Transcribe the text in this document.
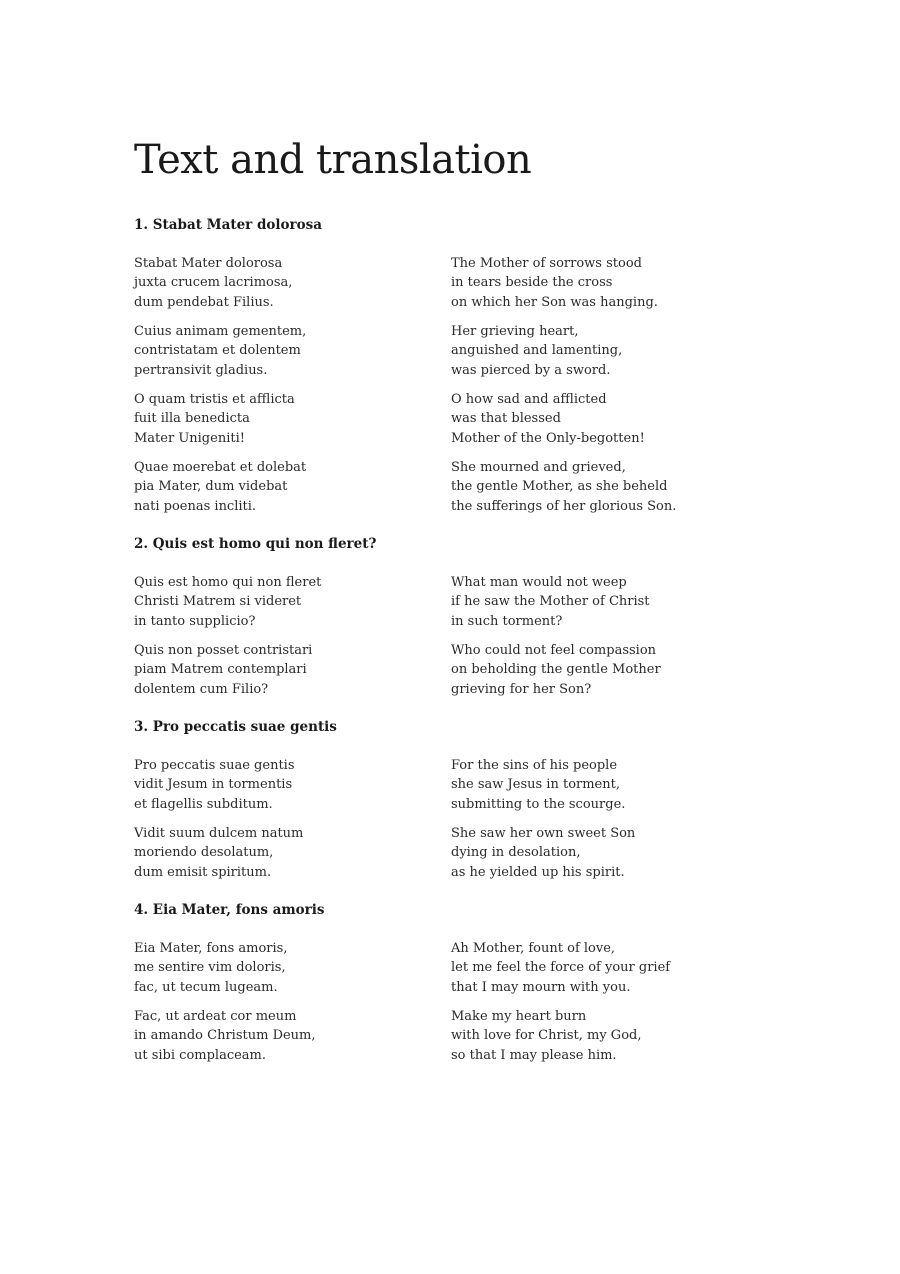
Text and translation
1. Stabat Mater dolorosa

Stabat Mater dolorosa
juxta crucem lacrimosa,
dum pendebat Filius.

The Mother of sorrows stood
in tears beside the cross
on which her Son was hanging.

Cuius animam gementem,
contristatam et dolentem
pertransivit gladius.

Her grieving heart,
anguished and lamenting,
was pierced by a sword.

O quam tristis et afflicta
fuit illa benedicta
Mater Unigeniti!

O how sad and afflicted
was that blessed
Mother of the Only-begotten!

Quae moerebat et dolebat
pia Mater, dum videbat
nati poenas incliti.

She mourned and grieved,
the gentle Mother, as she beheld
the sufferings of her glorious Son.

2. Quis est homo qui non fleret?

Quis est homo qui non fleret
Christi Matrem si videret
in tanto supplicio?

What man would not weep
if he saw the Mother of Christ
in such torment?

Quis non posset contristari
piam Matrem contemplari
dolentem cum Filio?

Who could not feel compassion
on beholding the gentle Mother
grieving for her Son?

3. Pro peccatis suae gentis

Pro peccatis suae gentis
vidit Jesum in tormentis
et flagellis subditum.

For the sins of his people
she saw Jesus in torment,
submitting to the scourge.

Vidit suum dulcem natum
moriendo desolatum,
dum emisit spiritum.

She saw her own sweet Son
dying in desolation,
as he yielded up his spirit.

4. Eia Mater, fons amoris

Eia Mater, fons amoris,
me sentire vim doloris,
fac, ut tecum lugeam.

Ah Mother, fount of love,
let me feel the force of your grief
that I may mourn with you.

Fac, ut ardeat cor meum
in amando Christum Deum,
ut sibi complaceam.

Make my heart burn
with love for Christ, my God,
so that I may please him.
